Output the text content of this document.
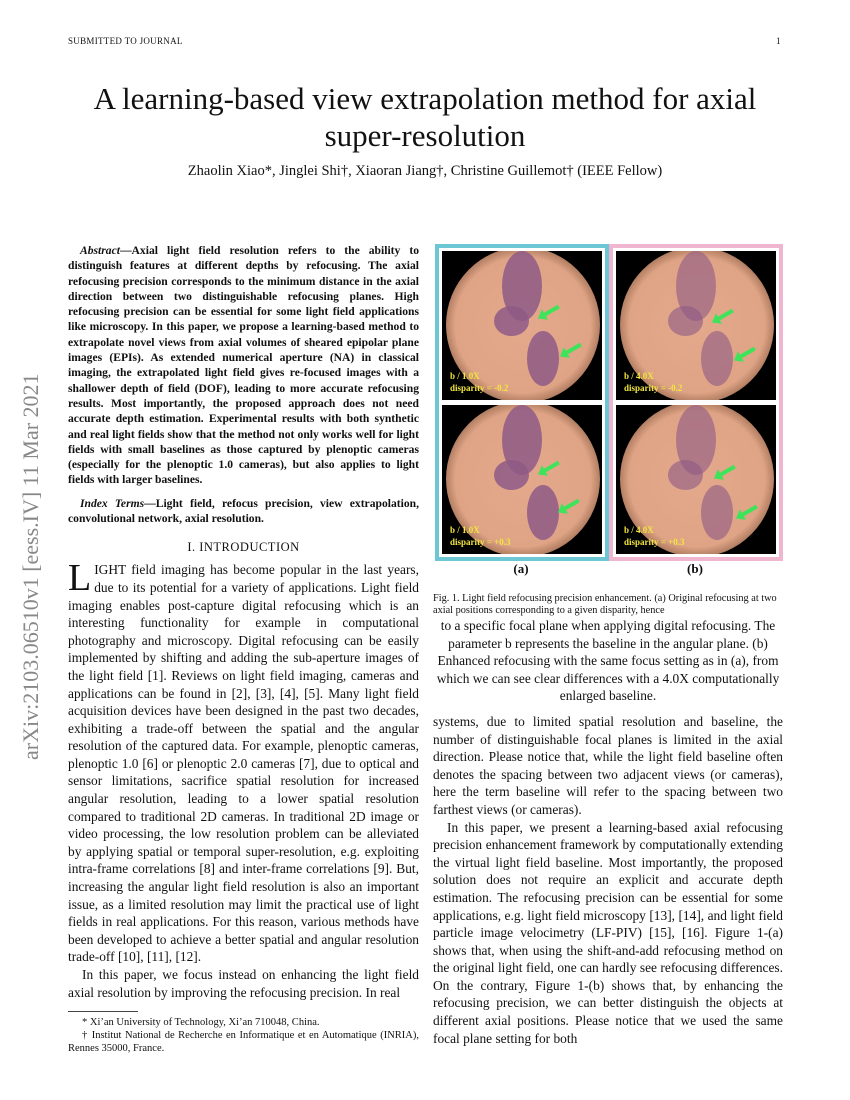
SUBMITTED TO JOURNAL	1
A learning-based view extrapolation method for axial super-resolution
Zhaolin Xiao*, Jinglei Shi†, Xiaoran Jiang†, Christine Guillemot† (IEEE Fellow)
arXiv:2103.06510v1 [eess.IV] 11 Mar 2021

Abstract—Axial light field resolution refers to the ability to distinguish features at different depths by refocusing. The axial refocusing precision corresponds to the minimum distance in the axial direction between two distinguishable refocusing planes. High refocusing precision can be essential for some light field applications like microscopy. In this paper, we propose a learning-based method to extrapolate novel views from axial volumes of sheared epipolar plane images (EPIs). As extended numerical aperture (NA) in classical imaging, the extrapolated light field gives re-focused images with a shallower depth of field (DOF), leading to more accurate refocusing results. Most importantly, the proposed approach does not need accurate depth estimation. Experimental results with both synthetic and real light fields show that the method not only works well for light fields with small baselines as those captured by plenoptic cameras (especially for the plenoptic 1.0 cameras), but also applies to light fields with larger baselines.

Index Terms—Light field, refocus precision, view extrapolation, convolutional network, axial resolution.

I. INTRODUCTION

LIGHT field imaging has become popular in the last years, due to its potential for a variety of applications. Light field imaging enables post-capture digital refocusing which is an interesting functionality for example in computational photography and microscopy. Digital refocusing can be easily implemented by shifting and adding the sub-aperture images of the light field [1]. Reviews on light field imaging, cameras and applications can be found in [2], [3], [4], [5]. Many light field acquisition devices have been designed in the past two decades, exhibiting a trade-off between the spatial and the angular resolution of the captured data. For example, plenoptic cameras, plenoptic 1.0 [6] or plenoptic 2.0 cameras [7], due to optical and sensor limitations, sacrifice spatial resolution for increased angular resolution, leading to a lower spatial resolution compared to traditional 2D cameras. In traditional 2D image or video processing, the low resolution problem can be alleviated by applying spatial or temporal super-resolution, e.g. exploiting intra-frame correlations [8] and inter-frame correlations [9]. But, increasing the angular light field resolution is also an important issue, as a limited resolution may limit the practical use of light fields in real applications. For this reason, various methods have been developed to achieve a better spatial and angular resolution trade-off [10], [11], [12].

In this paper, we focus instead on enhancing the light field axial resolution by improving the refocusing precision. In real

* Xi’an University of Technology, Xi’an 710048, China.
† Institut National de Recherche en Informatique et en Automatique (INRIA), Rennes 35000, France.
b / 1.0X
disparity = -0.2
b / 1.0X
disparity = +0.3
b / 4.0X
disparity = -0.2
b / 4.0X
disparity = +0.3
(a)	(b)
Fig. 1. Light field refocusing precision enhancement. (a) Original refocusing at two axial positions corresponding to a given disparity, hence
to a specific focal plane when applying digital refocusing. The parameter b represents the baseline in the angular plane. (b) Enhanced refocusing with the same focus setting as in (a), from which we can see clear differences with a 4.0X computationally enlarged baseline.

systems, due to limited spatial resolution and baseline, the number of distinguishable focal planes is limited in the axial direction. Please notice that, while the light field baseline often denotes the spacing between two adjacent views (or cameras), here the term baseline will refer to the spacing between two farthest views (or cameras).

In this paper, we present a learning-based axial refocusing precision enhancement framework by computationally extending the virtual light field baseline. Most importantly, the proposed solution does not require an explicit and accurate depth estimation. The refocusing precision can be essential for some applications, e.g. light field microscopy [13], [14], and light field particle image velocimetry (LF-PIV) [15], [16]. Figure 1-(a) shows that, when using the shift-and-add refocusing method on the original light field, one can hardly see refocusing differences. On the contrary, Figure 1-(b) shows that, by enhancing the refocusing precision, we can better distinguish the objects at different axial positions. Please notice that we used the same focal plane setting for both
